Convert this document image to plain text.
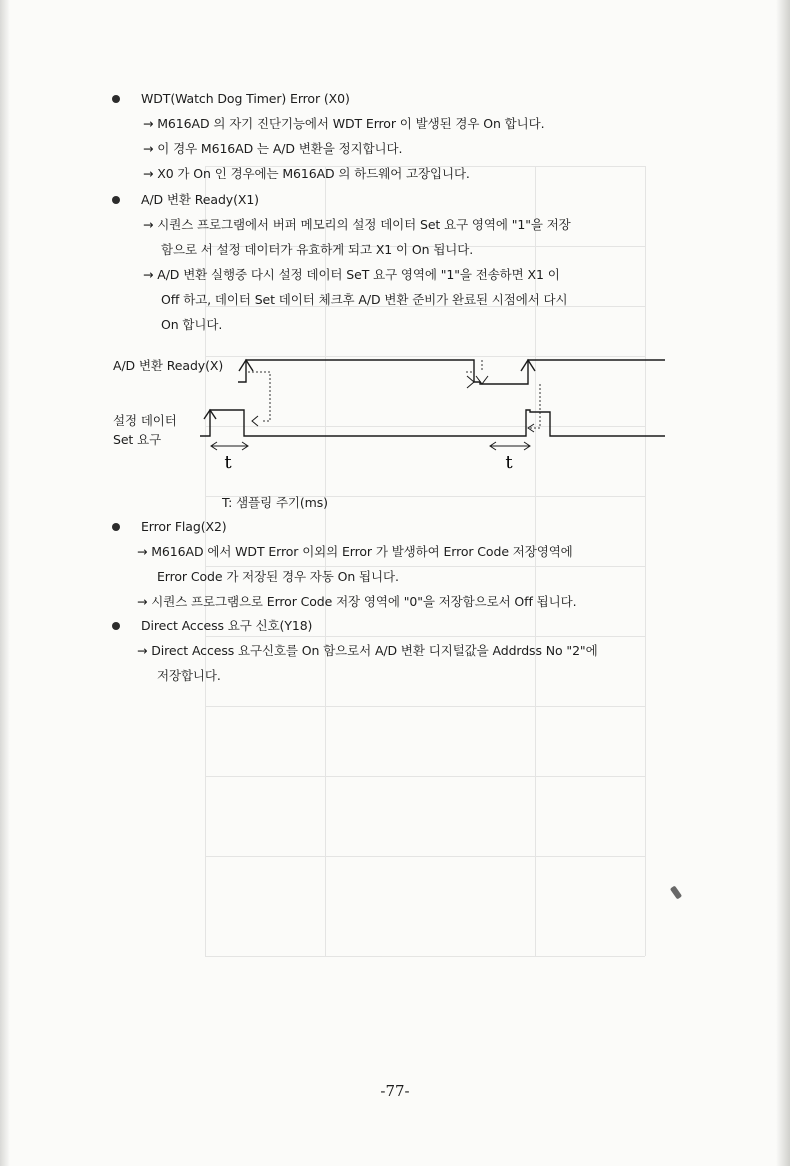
WDT(Watch Dog Timer) Error (X0)
→ M616AD 의 자기 진단기능에서 WDT Error 이 발생된 경우 On 합니다.
→ 이 경우 M616AD 는 A/D 변환을 정지합니다.
→ X0 가 On 인 경우에는 M616AD 의 하드웨어 고장입니다.
A/D 변환 Ready(X1)
→ 시퀀스 프로그램에서 버퍼 메모리의 설정 데이터 Set 요구 영역에 "1"을 저장
함으로 서 설정 데이터가 유효하게 되고 X1 이 On 됩니다.
→ A/D 변환 실행중 다시 설정 데이터 SeT 요구 영역에 "1"을 전송하면 X1 이
Off 하고, 데이터 Set 데이터 체크후 A/D 변환 준비가 완료된 시점에서 다시
On 합니다.
A/D 변환 Ready(X)
설정 데이터
Set 요구
t	t
T: 샘플링 주기(ms)
Error Flag(X2)
→ M616AD 에서 WDT Error 이외의 Error 가 발생하여 Error Code 저장영역에
Error Code 가 저장된 경우 자동 On 됩니다.
→ 시퀀스 프로그램으로 Error Code 저장 영역에 "0"을 저장함으로서 Off 됩니다.
Direct Access 요구 신호(Y18)
→ Direct Access 요구신호를 On 함으로서 A/D 변환 디지털값을 Addrdss No "2"에
저장합니다.
-77-
